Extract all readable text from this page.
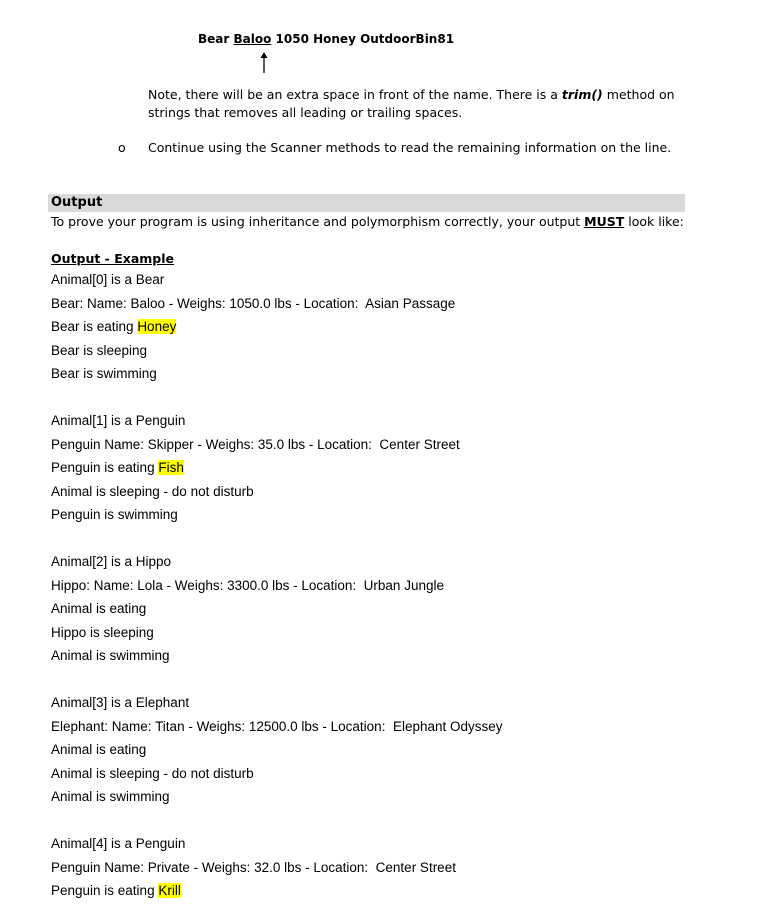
Bear Baloo 1050 Honey OutdoorBin81
Note, there will be an extra space in front of the name. There is a trim() method on strings that removes all leading or trailing spaces.
o Continue using the Scanner methods to read the remaining information on the line.
Output
To prove your program is using inheritance and polymorphism correctly, your output MUST look like:
Output - Example
Animal[0] is a Bear
Bear: Name: Baloo - Weighs: 1050.0 lbs - Location:  Asian Passage
Bear is eating Honey
Bear is sleeping
Bear is swimming
Animal[1] is a Penguin
Penguin Name: Skipper - Weighs: 35.0 lbs - Location:  Center Street
Penguin is eating Fish
Animal is sleeping - do not disturb
Penguin is swimming
Animal[2] is a Hippo
Hippo: Name: Lola - Weighs: 3300.0 lbs - Location:  Urban Jungle
Animal is eating
Hippo is sleeping
Animal is swimming
Animal[3] is a Elephant
Elephant: Name: Titan - Weighs: 12500.0 lbs - Location:  Elephant Odyssey
Animal is eating
Animal is sleeping - do not disturb
Animal is swimming
Animal[4] is a Penguin
Penguin Name: Private - Weighs: 32.0 lbs - Location:  Center Street
Penguin is eating Krill
